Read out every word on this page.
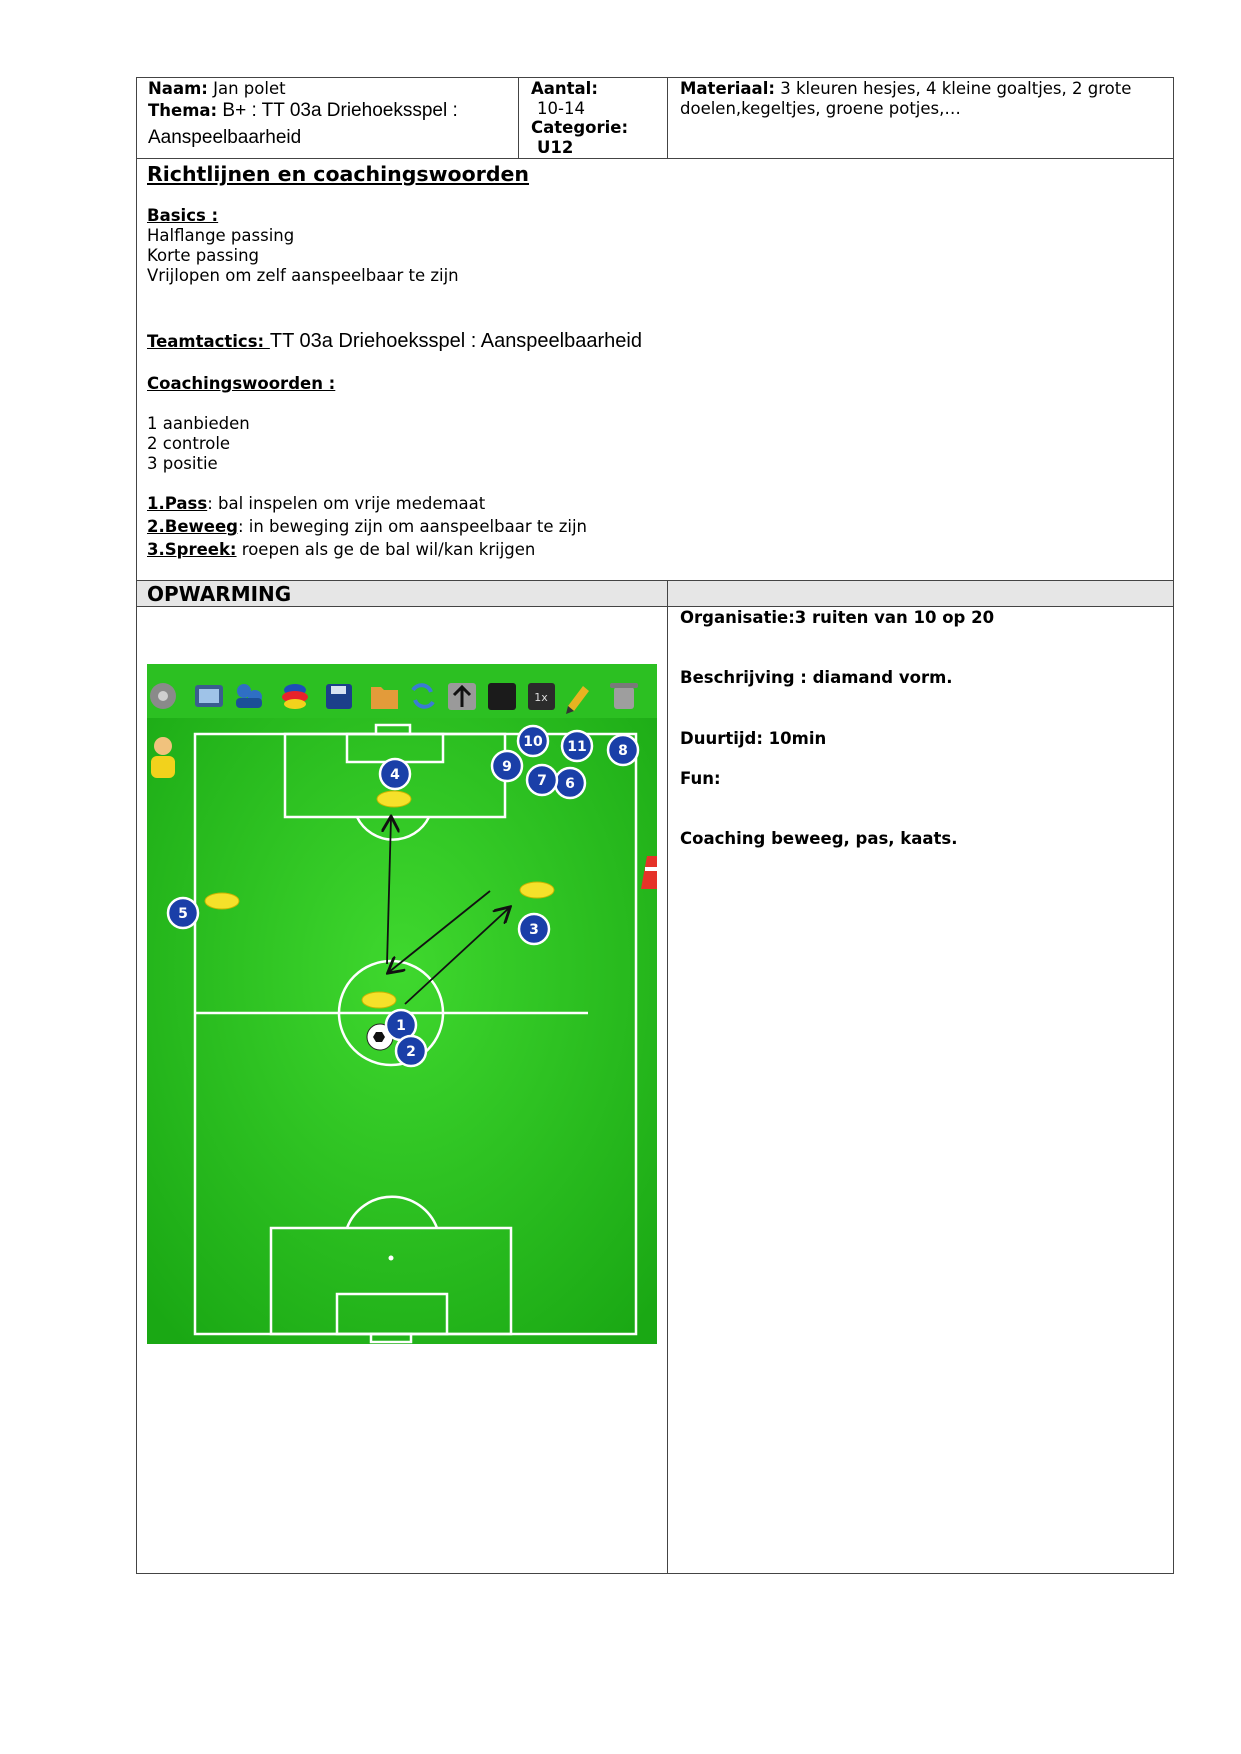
Naam: Jan polet
Thema: B+ : TT 03a Driehoeksspel :
Aanspeelbaarheid
Aantal:
10-14
Categorie:
U12
Materiaal: 3 kleuren hesjes, 4 kleine goaltjes, 2 grote
doelen,kegeltjes, groene potjes,…
Richtlijnen en coachingswoorden
Basics :
Halflange passing
Korte passing
Vrijlopen om zelf aanspeelbaar te zijn
Teamtactics: TT 03a Driehoeksspel : Aanspeelbaarheid
Coachingswoorden :
1 aanbieden
2 controle
3 positie
1.Pass: bal inspelen om vrije medemaat
2.Beweeg: in beweging zijn om aanspeelbaar te zijn
3.Spreek: roepen als ge de bal wil/kan krijgen
OPWARMING
Organisatie:3 ruiten van 10 op 20
Beschrijving : diamand vorm.
Duurtijd: 10min
Fun:
Coaching beweeg, pas, kaats.
1x
1
2
3
4
5
6
7
8
9
10 11
